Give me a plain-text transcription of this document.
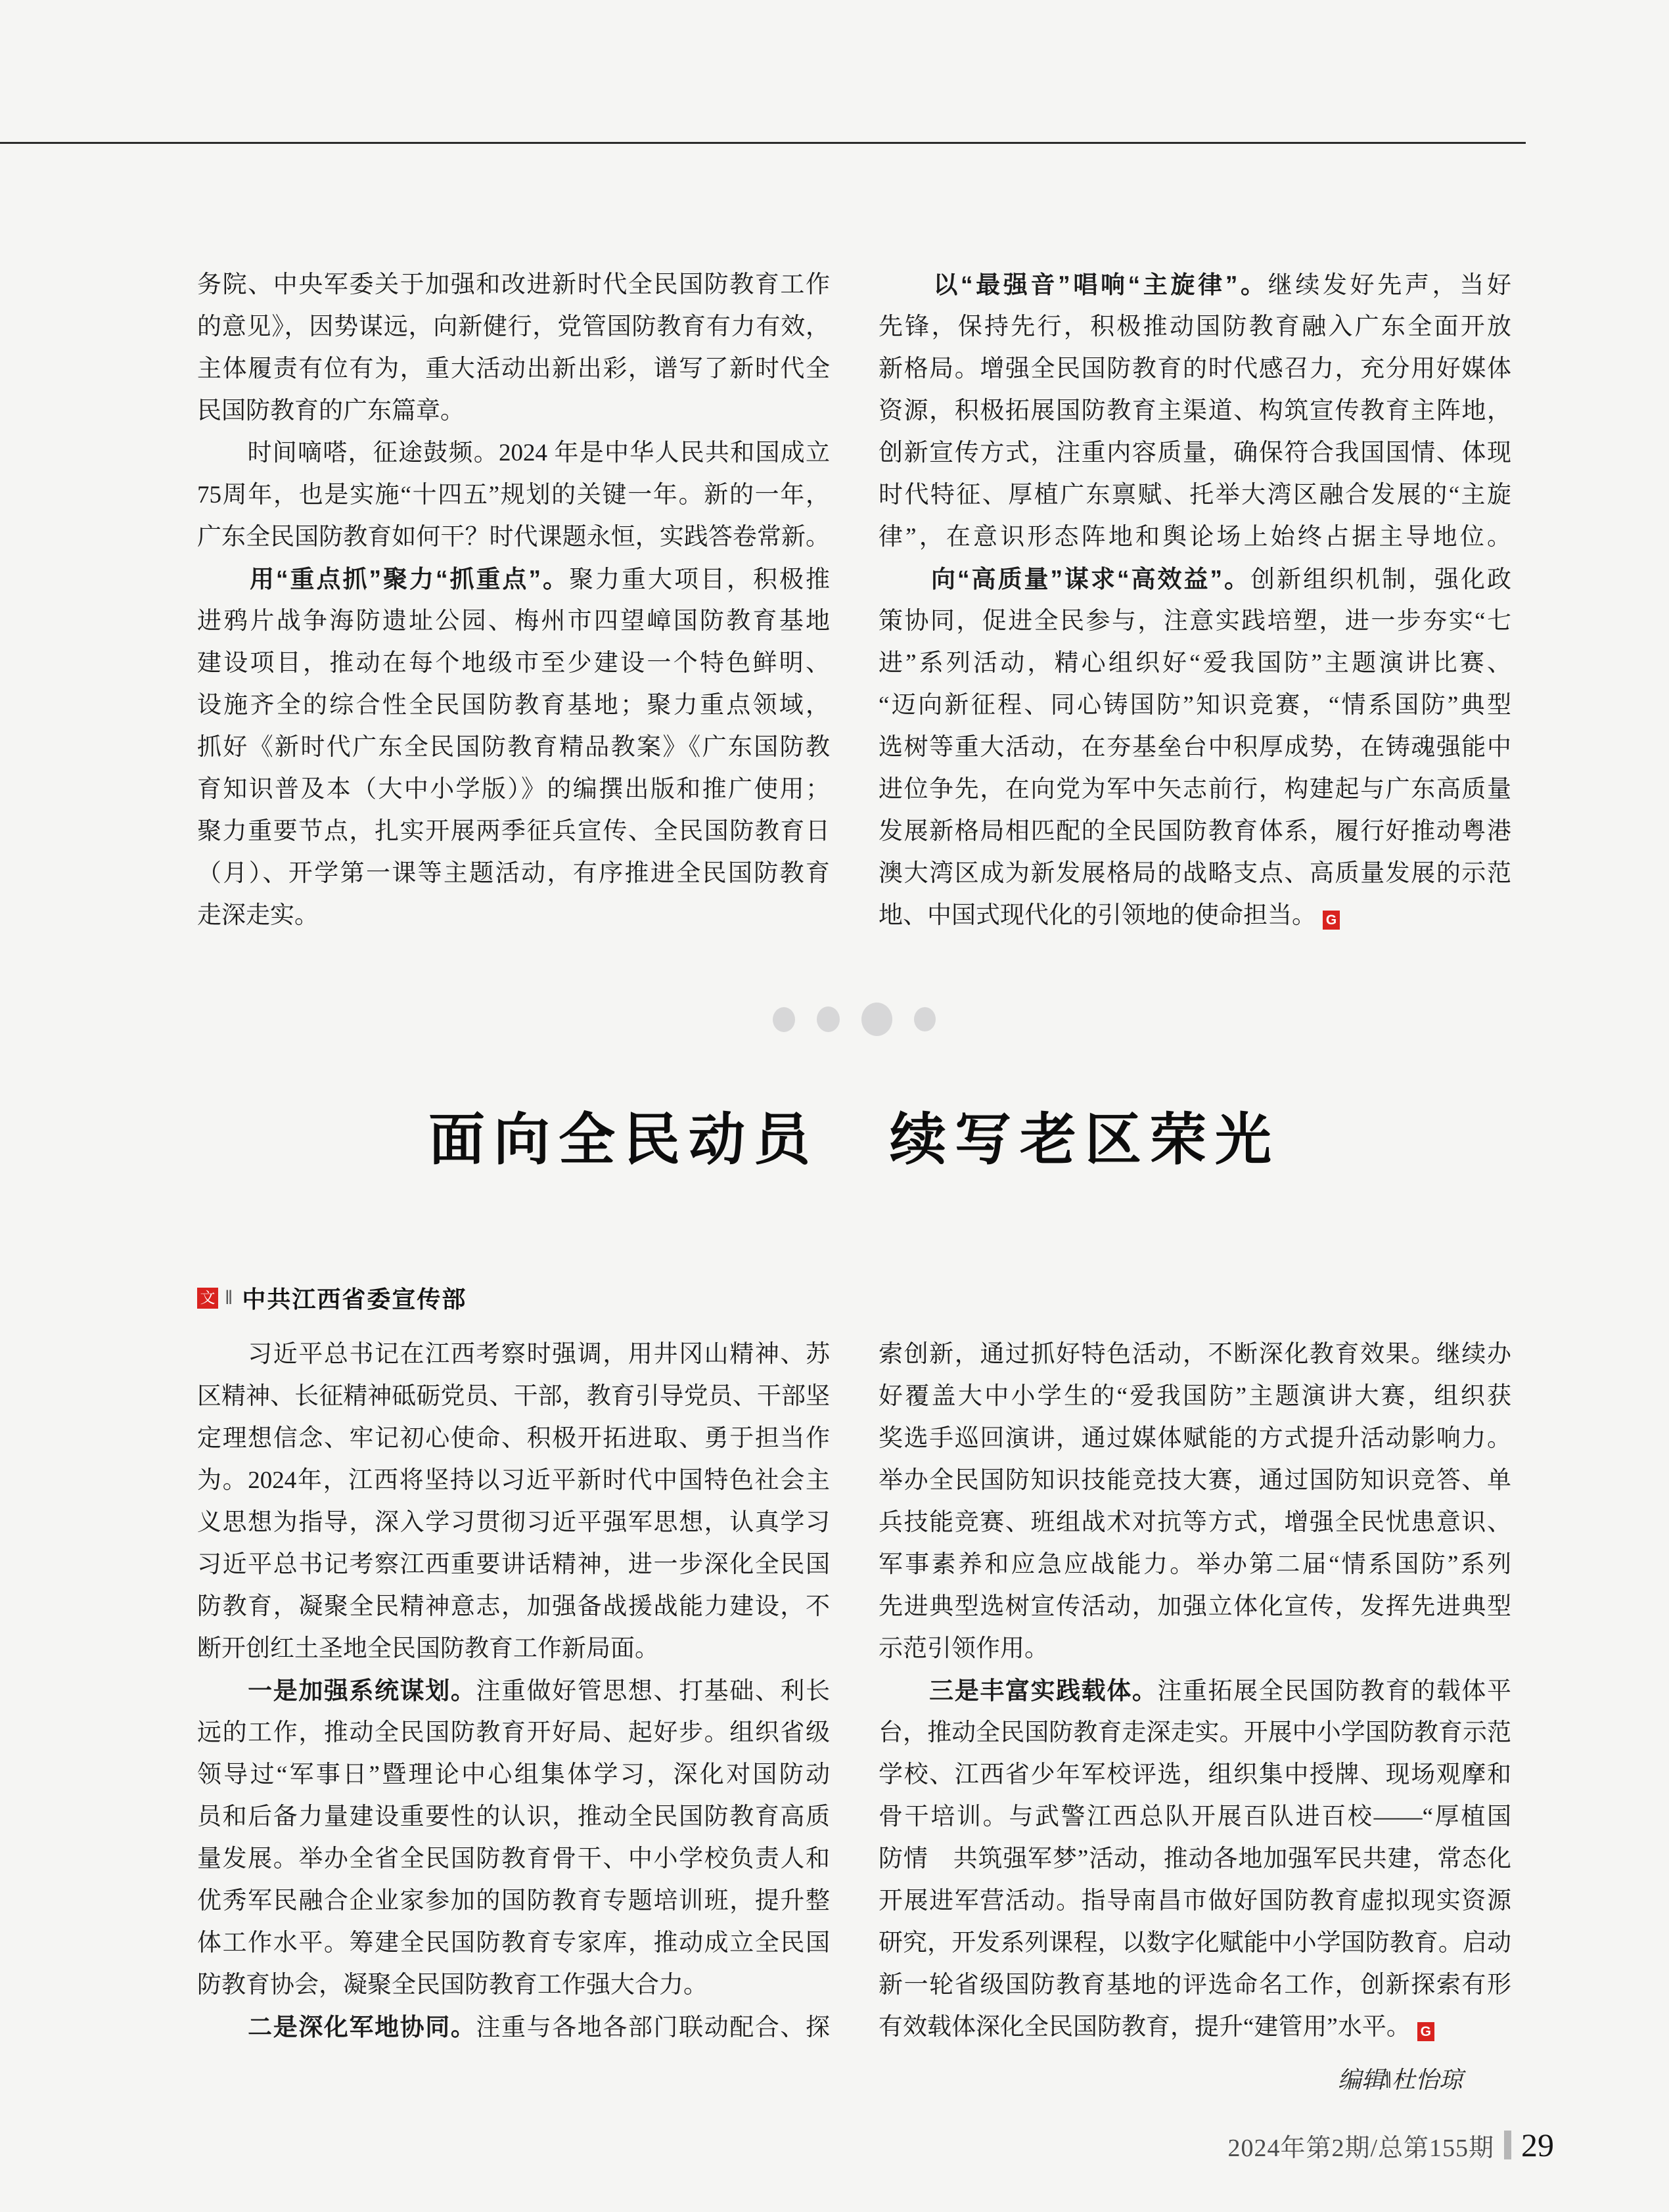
务院、中央军委关于加强和改进新时代全民国防教育工作
的意见》，因势谋远，向新健行，党管国防教育有力有效，
主体履责有位有为，重大活动出新出彩，谱写了新时代全
民国防教育的广东篇章。
　　时间嘀嗒，征途鼓频。2024 年是中华人民共和国成立
75周年，也是实施“十四五”规划的关键一年。新的一年，
广东全民国防教育如何干？时代课题永恒，实践答卷常新。
　　用“重点抓”聚力“抓重点”。聚力重大项目，积极推
进鸦片战争海防遗址公园、梅州市四望嶂国防教育基地
建设项目，推动在每个地级市至少建设一个特色鲜明、
设施齐全的综合性全民国防教育基地；聚力重点领域，
抓好《新时代广东全民国防教育精品教案》《广东国防教
育知识普及本（大中小学版）》的编撰出版和推广使用；
聚力重要节点，扎实开展两季征兵宣传、全民国防教育日
（月）、开学第一课等主题活动，有序推进全民国防教育
走深走实。
　　以“最强音”唱响“主旋律”。继续发好先声，当好
先锋，保持先行，积极推动国防教育融入广东全面开放
新格局。增强全民国防教育的时代感召力，充分用好媒体
资源，积极拓展国防教育主渠道、构筑宣传教育主阵地，
创新宣传方式，注重内容质量，确保符合我国国情、体现
时代特征、厚植广东禀赋、托举大湾区融合发展的“主旋
律”，在意识形态阵地和舆论场上始终占据主导地位。
　　向“高质量”谋求“高效益”。创新组织机制，强化政
策协同，促进全民参与，注意实践培塑，进一步夯实“七
进”系列活动，精心组织好“爱我国防”主题演讲比赛、
“迈向新征程、同心铸国防”知识竞赛，“情系国防”典型
选树等重大活动，在夯基垒台中积厚成势，在铸魂强能中
进位争先，在向党为军中矢志前行，构建起与广东高质量
发展新格局相匹配的全民国防教育体系，履行好推动粤港
澳大湾区成为新发展格局的战略支点、高质量发展的示范
地、中国式现代化的引领地的使命担当。 G
面向全民动员 续写老区荣光
文 ‖ 中共江西省委宣传部
　　习近平总书记在江西考察时强调，用井冈山精神、苏
区精神、长征精神砥砺党员、干部，教育引导党员、干部坚
定理想信念、牢记初心使命、积极开拓进取、勇于担当作
为。2024年，江西将坚持以习近平新时代中国特色社会主
义思想为指导，深入学习贯彻习近平强军思想，认真学习
习近平总书记考察江西重要讲话精神，进一步深化全民国
防教育，凝聚全民精神意志，加强备战援战能力建设，不
断开创红土圣地全民国防教育工作新局面。
　　一是加强系统谋划。注重做好管思想、打基础、利长
远的工作，推动全民国防教育开好局、起好步。组织省级
领导过“军事日”暨理论中心组集体学习，深化对国防动
员和后备力量建设重要性的认识，推动全民国防教育高质
量发展。举办全省全民国防教育骨干、中小学校负责人和
优秀军民融合企业家参加的国防教育专题培训班，提升整
体工作水平。筹建全民国防教育专家库，推动成立全民国
防教育协会，凝聚全民国防教育工作强大合力。
　　二是深化军地协同。注重与各地各部门联动配合、探
索创新，通过抓好特色活动，不断深化教育效果。继续办
好覆盖大中小学生的“爱我国防”主题演讲大赛，组织获
奖选手巡回演讲，通过媒体赋能的方式提升活动影响力。
举办全民国防知识技能竞技大赛，通过国防知识竞答、单
兵技能竞赛、班组战术对抗等方式，增强全民忧患意识、
军事素养和应急应战能力。举办第二届“情系国防”系列
先进典型选树宣传活动，加强立体化宣传，发挥先进典型
示范引领作用。
　　三是丰富实践载体。注重拓展全民国防教育的载体平
台，推动全民国防教育走深走实。开展中小学国防教育示范
学校、江西省少年军校评选，组织集中授牌、现场观摩和
骨干培训。与武警江西总队开展百队进百校——“厚植国
防情　共筑强军梦”活动，推动各地加强军民共建，常态化
开展进军营活动。指导南昌市做好国防教育虚拟现实资源
研究，开发系列课程，以数字化赋能中小学国防教育。启动
新一轮省级国防教育基地的评选命名工作，创新探索有形
有效载体深化全民国防教育，提升“建管用”水平。 G
编辑‖杜怡琼
2024年第2期/总第155期 29
